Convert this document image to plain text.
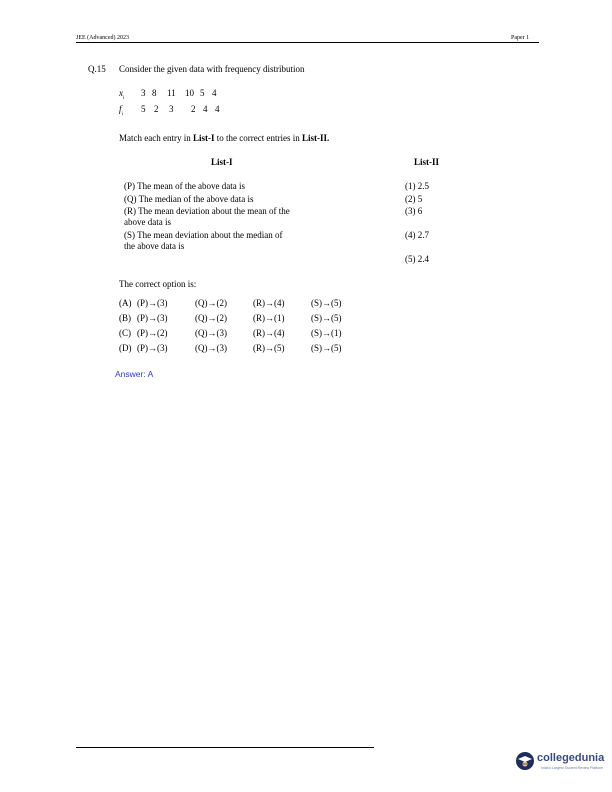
JEE (Advanced) 2023	Paper 1
Q.15 Consider the given data with frequency distribution
$x_i$
3 8 11 10 5 4
$f_i$
5 2 3 2 4 4
Match each entry in List-I to the correct entries in List-II.
List-I	List-II
(P) The mean of the above data is
(Q) The median of the above data is
(R) The mean deviation about the mean of the
above data is
(S) The mean deviation about the median of
the above data is
(1) 2.5
(2) 5
(3) 6
(4) 2.7
(5) 2.4
The correct option is:
(A) (P)→(3)	(Q)→(2)	(R)→(4)	(S)→(5)
(B) (P)→(3)	(Q)→(2)	(R)→(1)	(S)→(5)
(C) (P)→(2)	(Q)→(3)	(R)→(4)	(S)→(1)
(D) (P)→(3)	(Q)→(3)	(R)→(5)	(S)→(5)
Answer: A
collegedunia
India's Largest Student Review Platform
